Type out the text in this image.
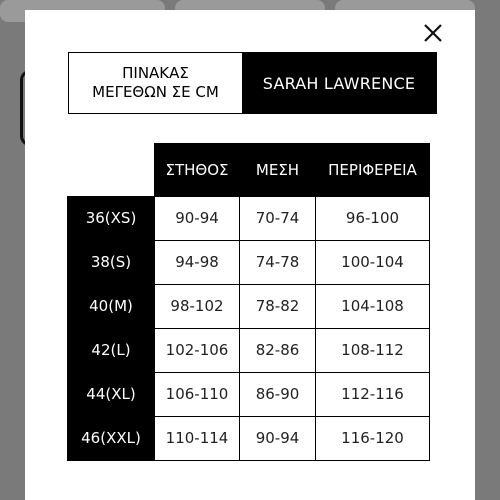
ΠΙΝΑΚΑΣ
ΜΕΓΕΘΩΝ ΣΕ CM	SARAH LAWRENCE
	ΣΤΗΘΟΣ	ΜΕΣΗ	ΠΕΡΙΦΕΡΕΙΑ
36(XS)	90-94	70-74	96-100
38(S)	94-98	74-78	100-104
40(M)	98-102	78-82	104-108
42(L)	102-106	82-86	108-112
44(XL)	106-110	86-90	112-116
46(XXL)	110-114	90-94	116-120
